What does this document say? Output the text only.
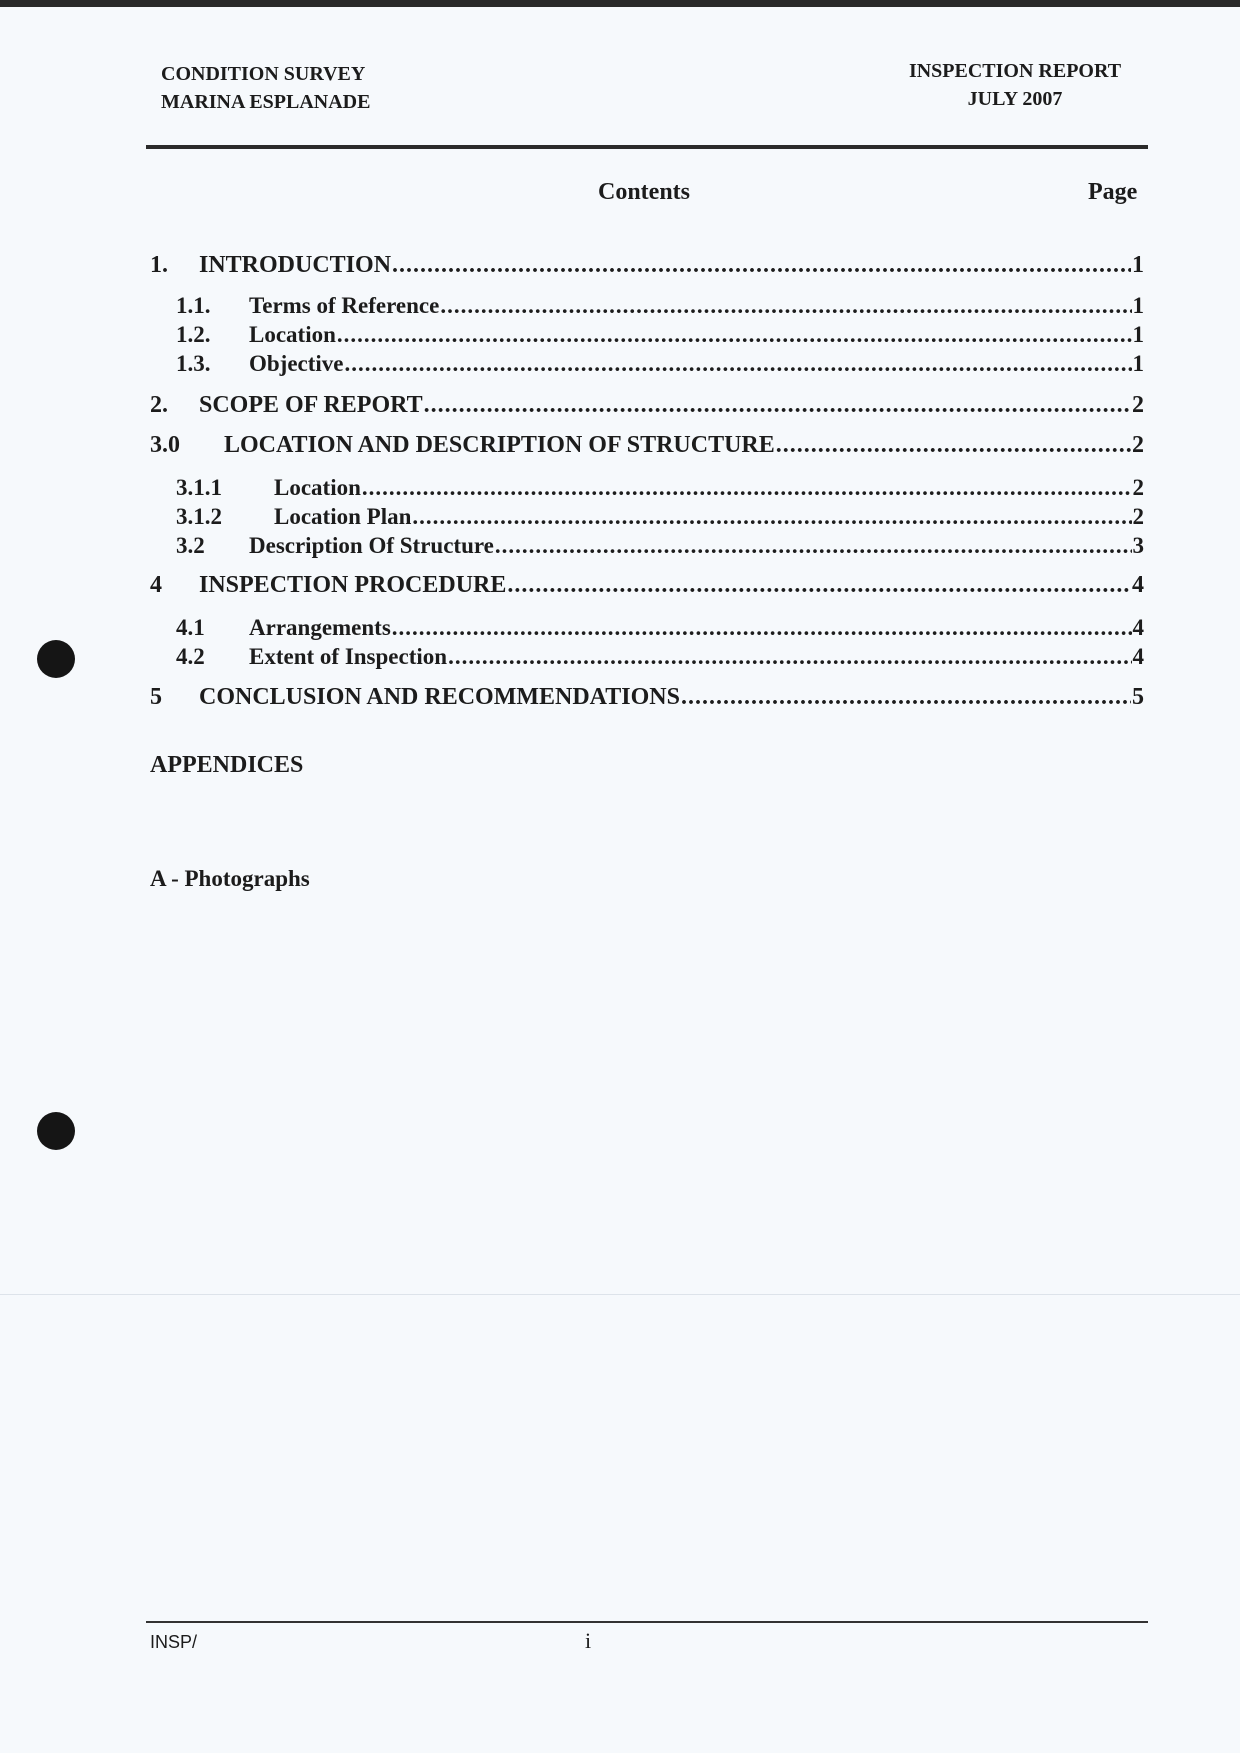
CONDITION SURVEY
MARINA ESPLANADE
INSPECTION REPORT
JULY 2007
Contents	Page
1.	INTRODUCTION .....	1
1.1.	Terms of Reference .....	1
1.2.	Location .....	1
1.3.	Objective .....	1
2.	SCOPE OF REPORT .....	2
3.0	LOCATION AND DESCRIPTION OF STRUCTURE .....	2
3.1.1	Location .....	2
3.1.2	Location Plan .....	2
3.2	Description Of Structure .....	3
4	INSPECTION PROCEDURE .....	4
4.1	Arrangements .....	4
4.2	Extent of Inspection .....	4
5	CONCLUSION AND RECOMMENDATIONS .....	5
APPENDICES
A - Photographs
INSP/	i
